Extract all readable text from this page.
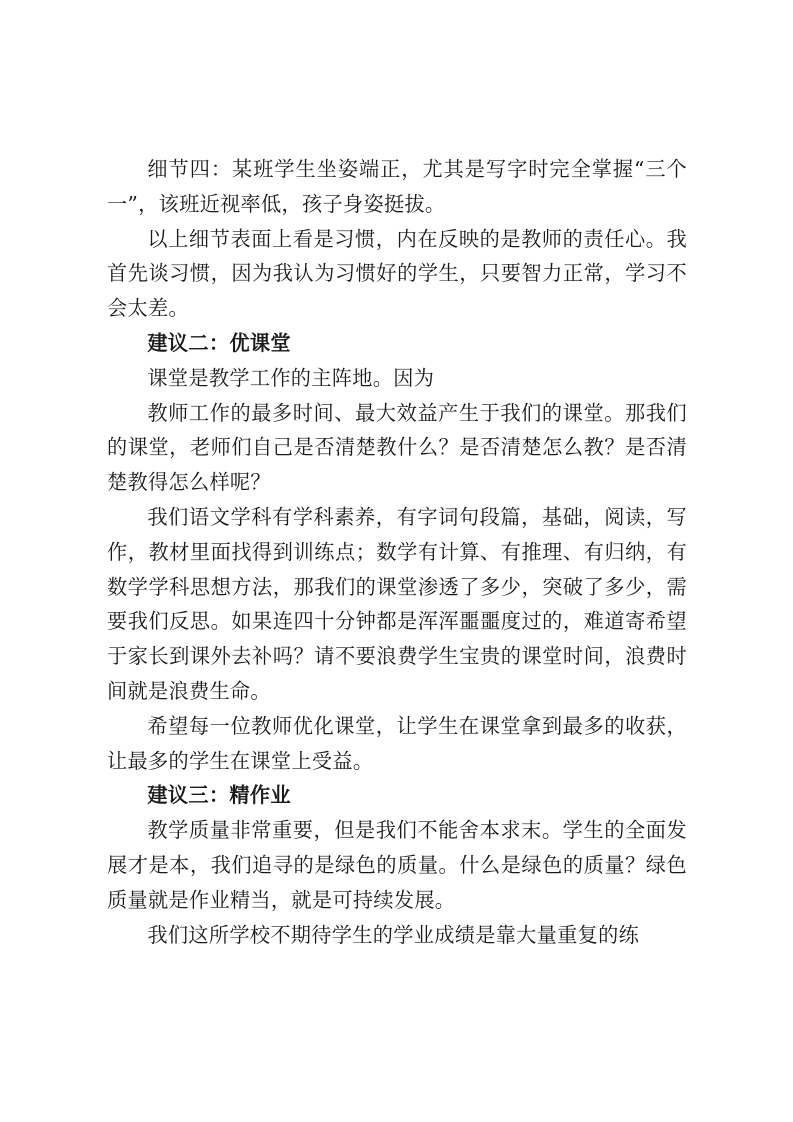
细节四：某班学生坐姿端正，尤其是写字时完全掌握“三个一”，该班近视率低，孩子身姿挺拔。

以上细节表面上看是习惯，内在反映的是教师的责任心。我首先谈习惯，因为我认为习惯好的学生，只要智力正常，学习不会太差。

建议二：优课堂

课堂是教学工作的主阵地。因为

教师工作的最多时间、最大效益产生于我们的课堂。那我们的课堂，老师们自己是否清楚教什么？是否清楚怎么教？是否清楚教得怎么样呢？

我们语文学科有学科素养，有字词句段篇，基础，阅读，写作，教材里面找得到训练点；数学有计算、有推理、有归纳，有数学学科思想方法，那我们的课堂渗透了多少，突破了多少，需要我们反思。如果连四十分钟都是浑浑噩噩度过的，难道寄希望于家长到课外去补吗？请不要浪费学生宝贵的课堂时间，浪费时间就是浪费生命。

希望每一位教师优化课堂，让学生在课堂拿到最多的收获，让最多的学生在课堂上受益。

建议三：精作业

教学质量非常重要，但是我们不能舍本求末。学生的全面发展才是本，我们追寻的是绿色的质量。什么是绿色的质量？绿色质量就是作业精当，就是可持续发展。

我们这所学校不期待学生的学业成绩是靠大量重复的练
